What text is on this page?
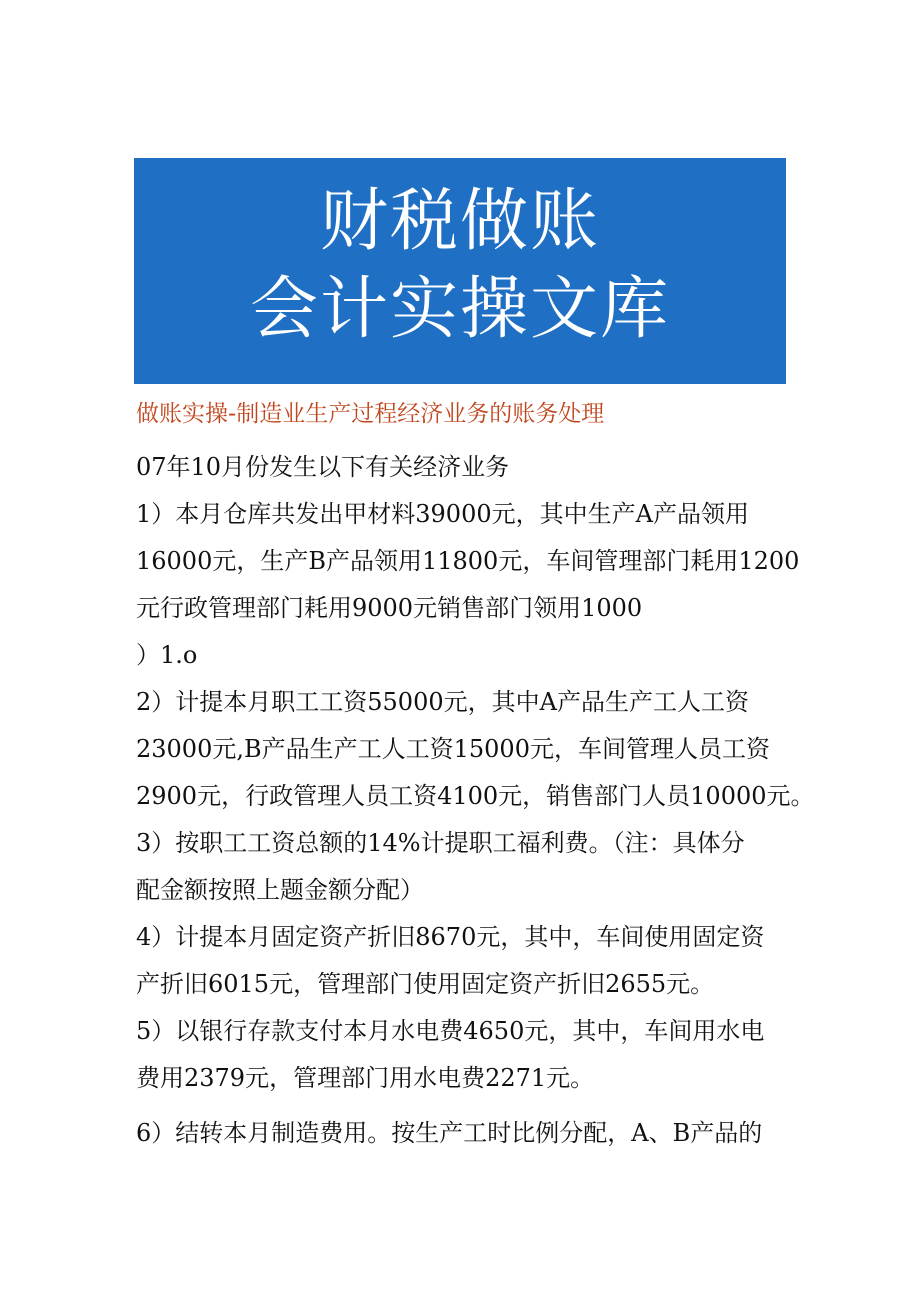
财税做账
会计实操文库
做账实操-制造业生产过程经济业务的账务处理

07年10月份发生以下有关经济业务

1）本月仓库共发出甲材料39000元，其中生产A产品领用

16000元，生产B产品领用11800元，车间管理部门耗用1200

元行政管理部门耗用9000元销售部门领用1000

）1.o

2）计提本月职工工资55000元，其中A产品生产工人工资

23000元,B产品生产工人工资15000元，车间管理人员工资

2900元，行政管理人员工资4100元，销售部门人员10000元。

3）按职工工资总额的14%计提职工福利费。（注：具体分

配金额按照上题金额分配）

4）计提本月固定资产折旧8670元，其中，车间使用固定资

产折旧6015元，管理部门使用固定资产折旧2655元。

5）以银行存款支付本月水电费4650元，其中，车间用水电

费用2379元，管理部门用水电费2271元。

6）结转本月制造费用。按生产工时比例分配，A、B产品的
